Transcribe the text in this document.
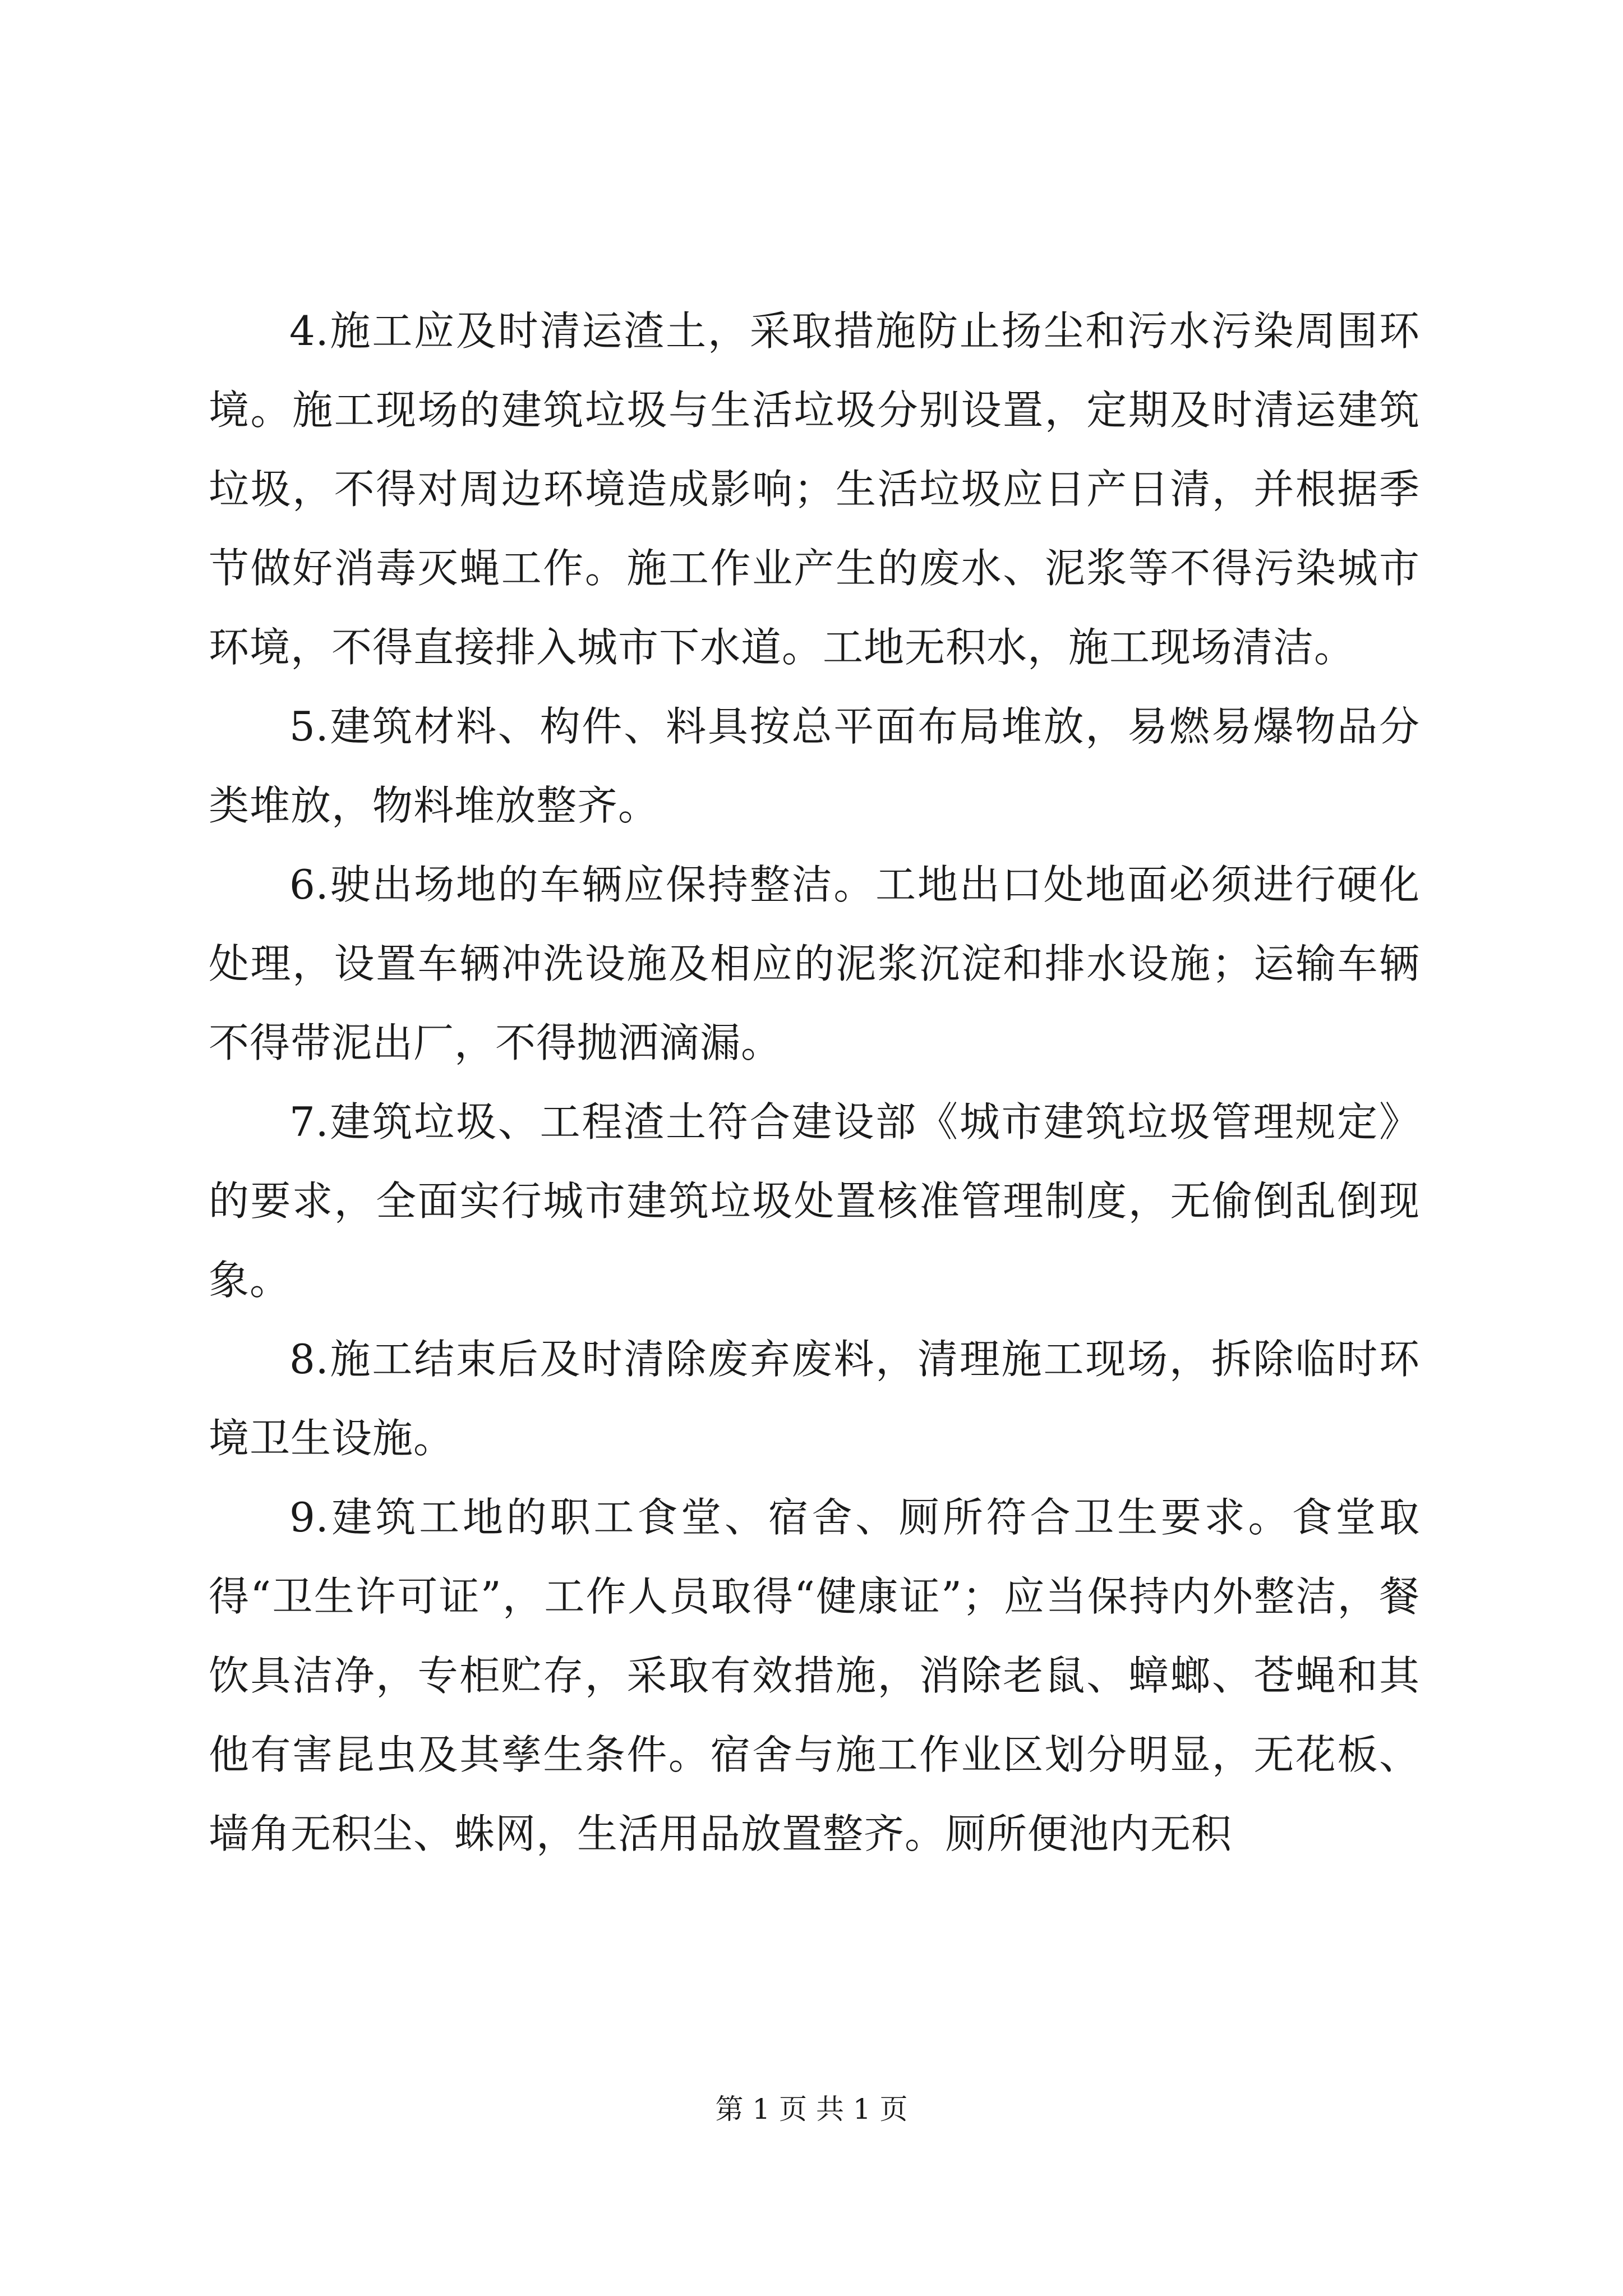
4.施工应及时清运渣土，采取措施防止扬尘和污水污染周围环境。施工现场的建筑垃圾与生活垃圾分别设置，定期及时清运建筑垃圾，不得对周边环境造成影响；生活垃圾应日产日清，并根据季节做好消毒灭蝇工作。施工作业产生的废水、泥浆等不得污染城市环境，不得直接排入城市下水道。工地无积水，施工现场清洁。

5.建筑材料、构件、料具按总平面布局堆放，易燃易爆物品分类堆放，物料堆放整齐。

6.驶出场地的车辆应保持整洁。工地出口处地面必须进行硬化处理，设置车辆冲洗设施及相应的泥浆沉淀和排水设施；运输车辆不得带泥出厂，不得抛洒滴漏。

7.建筑垃圾、工程渣土符合建设部《城市建筑垃圾管理规定》的要求，全面实行城市建筑垃圾处置核准管理制度，无偷倒乱倒现象。

8.施工结束后及时清除废弃废料，清理施工现场，拆除临时环境卫生设施。

9.建筑工地的职工食堂、宿舍、厕所符合卫生要求。食堂取得“卫生许可证”，工作人员取得“健康证”；应当保持内外整洁，餐饮具洁净，专柜贮存，采取有效措施，消除老鼠、蟑螂、苍蝇和其他有害昆虫及其孳生条件。宿舍与施工作业区划分明显，无花板、墙角无积尘、蛛网，生活用品放置整齐。厕所便池内无积

第 1 页 共 1 页
